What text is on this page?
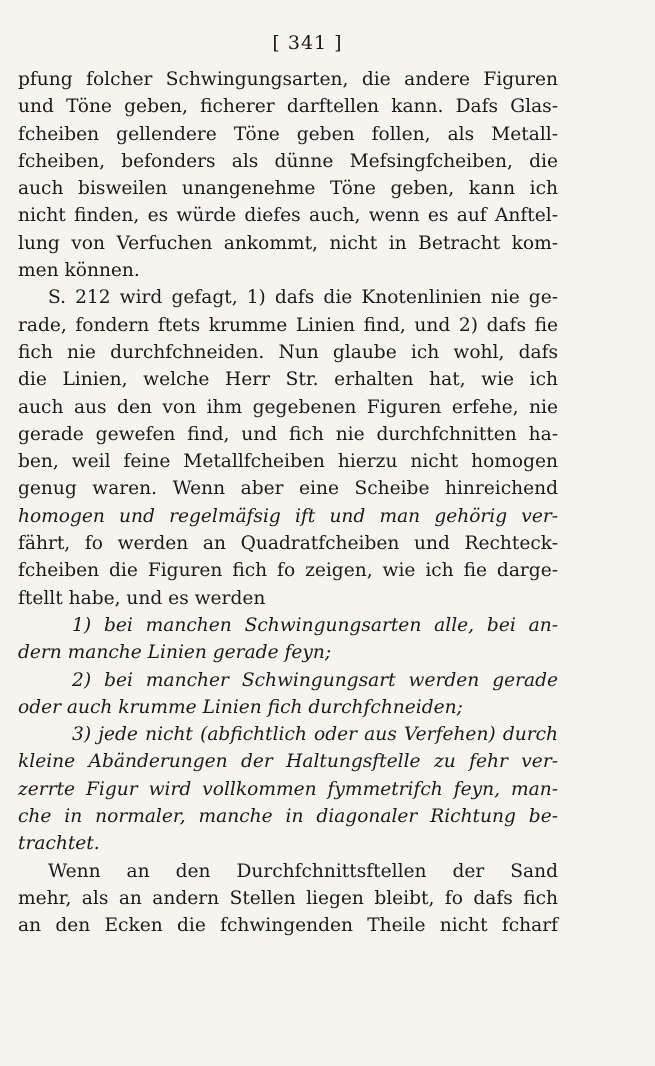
[ 341 ]
pfung folcher Schwingungsarten, die andere Figuren
und Töne geben, ficherer darftellen kann. Dafs Glas-
fcheiben gellendere Töne geben follen, als Metall-
fcheiben, befonders als dünne Mefsingfcheiben, die
auch bisweilen unangenehme Töne geben, kann ich
nicht finden, es würde diefes auch, wenn es auf Anftel-
lung von Verfuchen ankommt, nicht in Betracht kom-
men können.
S. 212 wird gefagt, 1) dafs die Knotenlinien nie ge-
rade, fondern ftets krumme Linien find, und 2) dafs fie
fich nie durchfchneiden. Nun glaube ich wohl, dafs
die Linien, welche Herr Str. erhalten hat, wie ich
auch aus den von ihm gegebenen Figuren erfehe, nie
gerade gewefen find, und fich nie durchfchnitten ha-
ben, weil feine Metallfcheiben hierzu nicht homogen
genug waren. Wenn aber eine Scheibe hinreichend
homogen und regelmäfsig ift und man gehörig ver-
fährt, fo werden an Quadratfcheiben und Rechteck-
fcheiben die Figuren fich fo zeigen, wie ich fie darge-
ftellt habe, und es werden
1) bei manchen Schwingungsarten alle, bei an-
dern manche Linien gerade feyn;
2) bei mancher Schwingungsart werden gerade
oder auch krumme Linien fich durchfchneiden;
3) jede nicht (abfichtlich oder aus Verfehen) durch
kleine Abänderungen der Haltungsftelle zu fehr ver-
zerrte Figur wird vollkommen fymmetrifch feyn, man-
che in normaler, manche in diagonaler Richtung be-
trachtet.
Wenn an den Durchfchnittsftellen der Sand
mehr, als an andern Stellen liegen bleibt, fo dafs fich
an den Ecken die fchwingenden Theile nicht fcharf
